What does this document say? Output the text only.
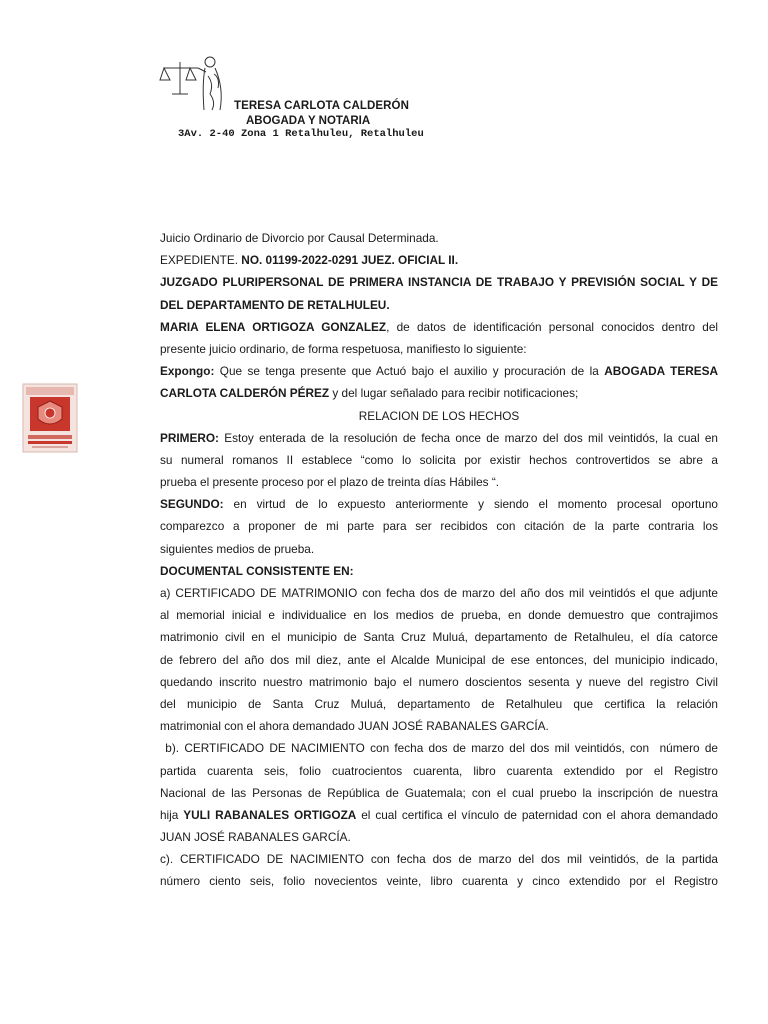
TERESA CARLOTA CALDERÓN
ABOGADA Y NOTARIA
3Av. 2-40 Zona 1 Retalhuleu, Retalhuleu
Juicio Ordinario de Divorcio por Causal Determinada.
EXPEDIENTE. NO. 01199-2022-0291 JUEZ. OFICIAL II.
JUZGADO PLURIPERSONAL DE PRIMERA INSTANCIA DE TRABAJO Y PREVISIÓN SOCIAL Y DE
DEL DEPARTAMENTO DE RETALHULEU.
MARIA ELENA ORTIGOZA GONZALEZ, de datos de identificación personal conocidos dentro del
presente juicio ordinario, de forma respetuosa, manifiesto lo siguiente:
Expongo: Que se tenga presente que Actuó bajo el auxilio y procuración de la ABOGADA TERESA
CARLOTA CALDERÓN PÉREZ y del lugar señalado para recibir notificaciones;
RELACION DE LOS HECHOS
PRIMERO: Estoy enterada de la resolución de fecha once de marzo del dos mil veintidós, la cual en
su numeral romanos II establece “como lo solicita por existir hechos controvertidos se abre a
prueba el presente proceso por el plazo de treinta días Hábiles “.
SEGUNDO: en virtud de lo expuesto anteriormente y siendo el momento procesal oportuno
comparezco a proponer de mi parte para ser recibidos con citación de la parte contraria los
siguientes medios de prueba.
DOCUMENTAL CONSISTENTE EN:
a) CERTIFICADO DE MATRIMONIO con fecha dos de marzo del año dos mil veintidós el que adjunte
al memorial inicial e individualice en los medios de prueba, en donde demuestro que contrajimos
matrimonio civil en el municipio de Santa Cruz Muluá, departamento de Retalhuleu, el día catorce
de febrero del año dos mil diez, ante el Alcalde Municipal de ese entonces, del municipio indicado,
quedando inscrito nuestro matrimonio bajo el numero doscientos sesenta y nueve del registro Civil
del municipio de Santa Cruz Muluá, departamento de Retalhuleu que certifica la relación
matrimonial con el ahora demandado JUAN JOSÉ RABANALES GARCÍA.
b). CERTIFICADO DE NACIMIENTO con fecha dos de marzo del dos mil veintidós, con  número de
partida cuarenta seis, folio cuatrocientos cuarenta, libro cuarenta extendido por el Registro
Nacional de las Personas de República de Guatemala; con el cual pruebo la inscripción de nuestra
hija YULI RABANALES ORTIGOZA el cual certifica el vínculo de paternidad con el ahora demandado
JUAN JOSÉ RABANALES GARCÍA.
c). CERTIFICADO DE NACIMIENTO con fecha dos de marzo del dos mil veintidós, de la partida
número ciento seis, folio novecientos veinte, libro cuarenta y cinco extendido por el Registro
